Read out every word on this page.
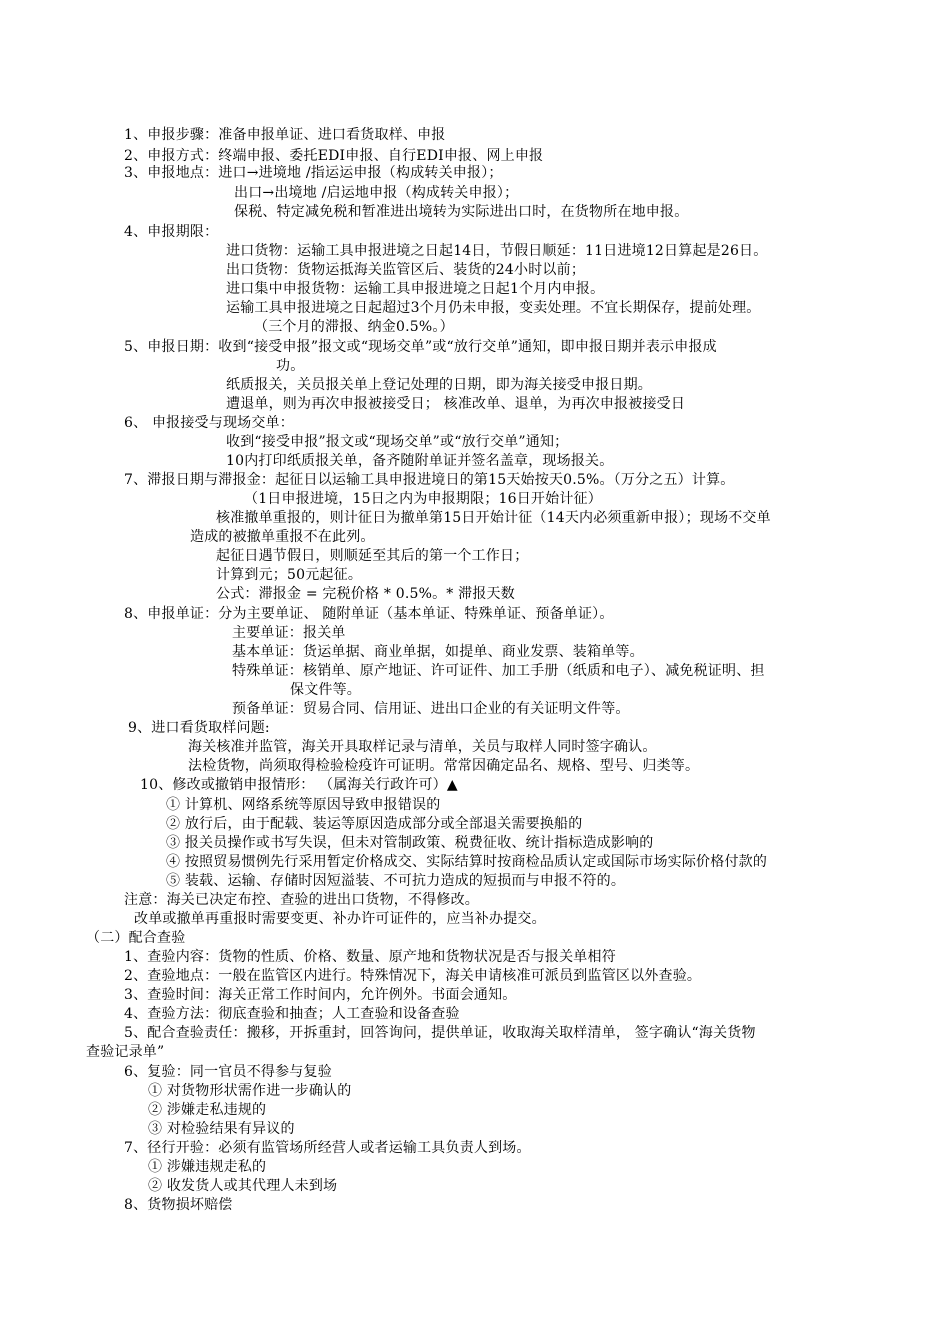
1、申报步骤：准备申报单证、进口看货取样、申报
2、申报方式：终端申报、委托EDI申报、自行EDI申报、网上申报
3、申报地点：进口→进境地 /指运运申报（构成转关申报）；
出口→出境地 /启运地申报（构成转关申报）；
保税、特定减免税和暂准进出境转为实际进出口时，在货物所在地申报。
4、申报期限：
进口货物：运输工具申报进境之日起14日，节假日顺延：11日进境12日算起是26日。
出口货物：货物运抵海关监管区后、装货的24小时以前；
进口集中申报货物：运输工具申报进境之日起1个月内申报。
运输工具申报进境之日起超过3个月仍未申报，变卖处理。不宜长期保存，提前处理。
（三个月的滞报、纳金0.5%。）
5、申报日期：收到“接受申报”报文或“现场交单”或“放行交单”通知，即申报日期并表示申报成
功。
纸质报关，关员报关单上登记处理的日期，即为海关接受申报日期。
遭退单，则为再次申报被接受日； 核准改单、退单，为再次申报被接受日
6、 申报接受与现场交单：
收到“接受申报”报文或“现场交单”或“放行交单”通知；
10内打印纸质报关单，备齐随附单证并签名盖章，现场报关。
7、滞报日期与滞报金：起征日以运输工具申报进境日的第15天始按天0.5%。（万分之五）计算。
（1日申报进境，15日之内为申报期限；16日开始计征）
核准撤单重报的，则计征日为撤单第15日开始计征（14天内必须重新申报）；现场不交单
造成的被撤单重报不在此列。
起征日遇节假日，则顺延至其后的第一个工作日；
计算到元；50元起征。
公式：滞报金 = 完税价格 * 0.5%。* 滞报天数
8、申报单证：分为主要单证、 随附单证（基本单证、特殊单证、预备单证）。
主要单证：报关单
基本单证：货运单据、商业单据，如提单、商业发票、装箱单等。
特殊单证：核销单、原产地证、许可证件、加工手册（纸质和电子）、减免税证明、担
保文件等。
预备单证：贸易合同、信用证、进出口企业的有关证明文件等。
9、进口看货取样问题:
海关核准并监管，海关开具取样记录与清单，关员与取样人同时签字确认。
法检货物，尚须取得检验检疫许可证明。常常因确定品名、规格、型号、归类等。
10、修改或撤销申报情形： （属海关行政许可）▲
① 计算机、网络系统等原因导致申报错误的
② 放行后，由于配载、装运等原因造成部分或全部退关需要换船的
③ 报关员操作或书写失误，但未对管制政策、税费征收、统计指标造成影响的
④ 按照贸易惯例先行采用暂定价格成交、实际结算时按商检品质认定或国际市场实际价格付款的
⑤ 装载、运输、存储时因短溢装、不可抗力造成的短损而与申报不符的。
注意：海关已决定布控、查验的进出口货物，不得修改。
改单或撤单再重报时需要变更、补办许可证件的，应当补办提交。
（二）配合查验
1、查验内容：货物的性质、价格、数量、原产地和货物状况是否与报关单相符
2、查验地点：一般在监管区内进行。特殊情况下，海关申请核准可派员到监管区以外查验。
3、查验时间：海关正常工作时间内，允许例外。书面会通知。
4、查验方法：彻底查验和抽查；人工查验和设备查验
5、配合查验责任：搬移，开拆重封，回答询问，提供单证，收取海关取样清单， 签字确认“海关货物
查验记录单”
6、复验：同一官员不得参与复验
① 对货物形状需作进一步确认的
② 涉嫌走私违规的
③ 对检验结果有异议的
7、径行开验：必须有监管场所经营人或者运输工具负责人到场。
① 涉嫌违规走私的
② 收发货人或其代理人未到场
8、货物损坏赔偿
